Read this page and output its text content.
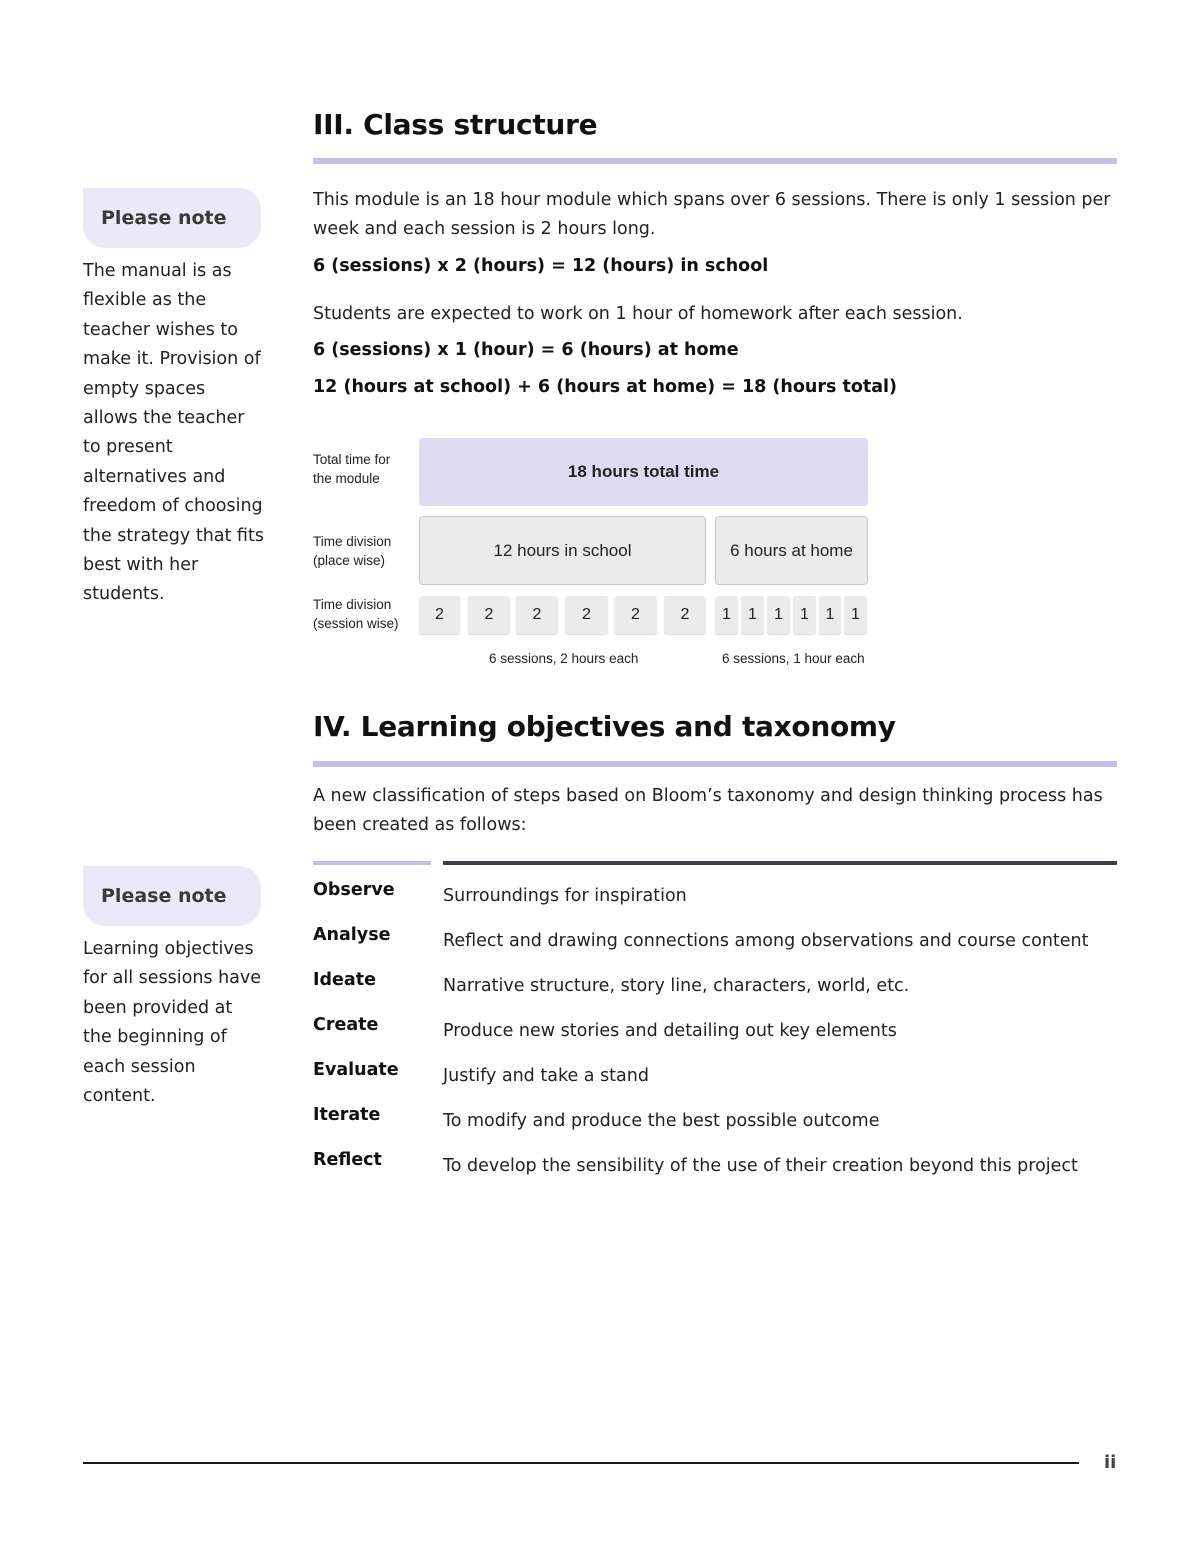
III. Class structure

This module is an 18 hour module which spans over 6 sessions. There is only 1 session per week and each session is 2 hours long.

6 (sessions) x 2 (hours) = 12 (hours) in school

Students are expected to work on 1 hour of homework after each session.

6 (sessions) x 1 (hour) = 6 (hours) at home

12 (hours at school) + 6 (hours at home) = 18 (hours total)

Please note
The manual is as flexible as the teacher wishes to make it. Provision of empty spaces allows the teacher to present alternatives and freedom of choosing the strategy that fits best with her students.
Total time for the module
Time division (place wise)
Time division (session wise)
18 hours total time
12 hours in school	6 hours at home
2	2	2	2	2	2	1	1	1	1	1	1
6 sessions, 2 hours each	6 sessions, 1 hour each
IV. Learning objectives and taxonomy

A new classification of steps based on Bloom’s taxonomy and design thinking process has been created as follows:

Please note
Learning objectives for all sessions have been provided at the beginning of each session content.
Observe	Surroundings for inspiration
Analyse	Reflect and drawing connections among observations and course content
Ideate	Narrative structure, story line, characters, world, etc.
Create	Produce new stories and detailing out key elements
Evaluate	Justify and take a stand
Iterate	To modify and produce the best possible outcome
Reflect	To develop the sensibility of the use of their creation beyond this project
ii
